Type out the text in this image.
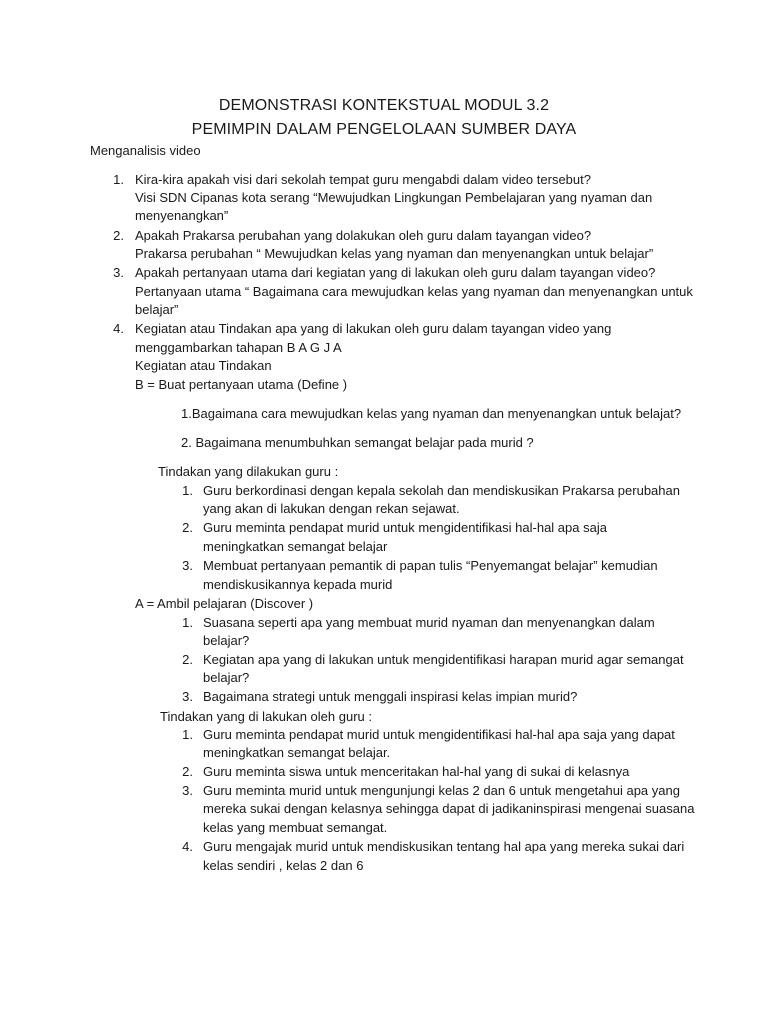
DEMONSTRASI KONTEKSTUAL MODUL 3.2
PEMIMPIN DALAM PENGELOLAAN SUMBER DAYA
Menganalisis video
1. Kira-kira apakah visi dari sekolah tempat guru mengabdi dalam video tersebut?
Visi SDN Cipanas kota serang “Mewujudkan Lingkungan Pembelajaran yang nyaman dan
menyenangkan”
2. Apakah Prakarsa perubahan yang dolakukan oleh guru dalam tayangan video?
Prakarsa perubahan “ Mewujudkan kelas yang nyaman dan menyenangkan untuk belajar”
3. Apakah pertanyaan utama dari kegiatan yang di lakukan oleh guru dalam tayangan video?
Pertanyaan utama “ Bagaimana cara mewujudkan kelas yang nyaman dan menyenangkan untuk
belajar”
4. Kegiatan atau Tindakan apa yang di lakukan oleh guru dalam tayangan video yang
menggambarkan tahapan B A G J A
Kegiatan atau Tindakan
B = Buat pertanyaan utama (Define )
1.Bagaimana cara mewujudkan kelas yang nyaman dan menyenangkan untuk belajat?
2. Bagaimana menumbuhkan semangat belajar pada murid ?
Tindakan yang dilakukan guru :
1. Guru berkordinasi dengan kepala sekolah dan mendiskusikan Prakarsa perubahan
yang akan di lakukan dengan rekan sejawat.
2. Guru meminta pendapat murid untuk mengidentifikasi hal-hal apa saja
meningkatkan semangat belajar
3. Membuat pertanyaan pemantik di papan tulis “Penyemangat belajar” kemudian
mendiskusikannya kepada murid
A = Ambil pelajaran (Discover )
1. Suasana seperti apa yang membuat murid nyaman dan menyenangkan dalam
belajar?
2. Kegiatan apa yang di lakukan untuk mengidentifikasi harapan murid agar semangat
belajar?
3. Bagaimana strategi untuk menggali inspirasi kelas impian murid?
Tindakan yang di lakukan oleh guru :
1. Guru meminta pendapat murid untuk mengidentifikasi hal-hal apa saja yang dapat
meningkatkan semangat belajar.
2. Guru meminta siswa untuk menceritakan hal-hal yang di sukai di kelasnya
3. Guru meminta murid untuk mengunjungi kelas 2 dan 6 untuk mengetahui apa yang
mereka sukai dengan kelasnya sehingga dapat di jadikaninspirasi mengenai suasana
kelas yang membuat semangat.
4. Guru mengajak murid untuk mendiskusikan tentang hal apa yang mereka sukai dari
kelas sendiri , kelas 2 dan 6
